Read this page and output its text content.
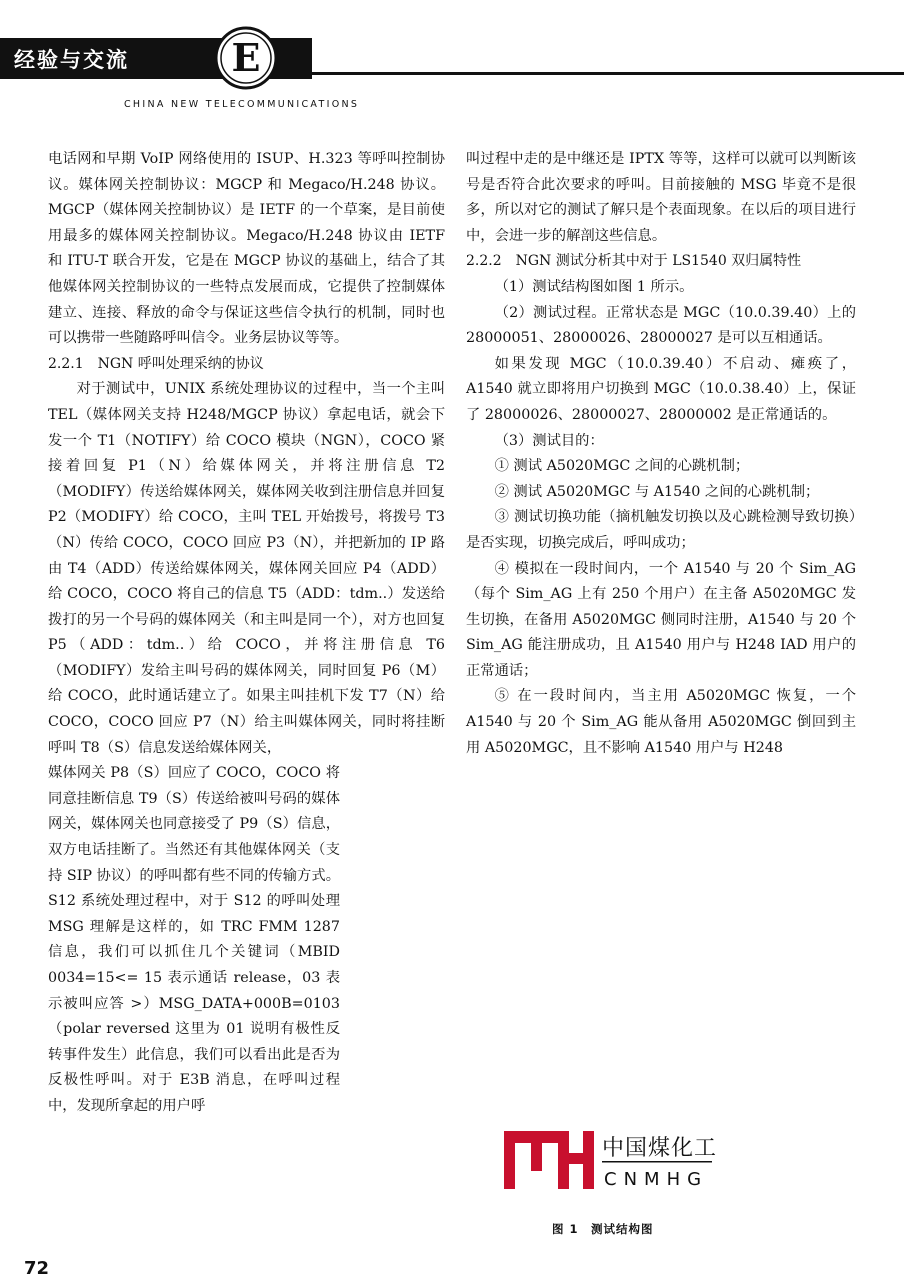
经验与交流	E
CHINA NEW TELECOMMUNICATIONS

电话网和早期 VoIP 网络使用的 ISUP、H.323 等呼叫控制协议。媒体网关控制协议：MGCP 和 Megaco/H.248 协议。MGCP（媒体网关控制协议）是 IETF 的一个草案，是目前使用最多的媒体网关控制协议。Megaco/H.248 协议由 IETF 和 ITU-T 联合开发，它是在 MGCP 协议的基础上，结合了其他媒体网关控制协议的一些特点发展而成，它提供了控制媒体建立、连接、释放的命令与保证这些信令执行的机制，同时也可以携带一些随路呼叫信令。业务层协议等等。

2.2.1　NGN 呼叫处理采纳的协议

对于测试中，UNIX 系统处理协议的过程中，当一个主叫 TEL（媒体网关支持 H248/MGCP 协议）拿起电话，就会下发一个 T1（NOTIFY）给 COCO 模块（NGN），COCO 紧接着回复 P1（N）给媒体网关，并将注册信息 T2（MODIFY）传送给媒体网关，媒体网关收到注册信息并回复 P2（MODIFY）给 COCO，主叫 TEL 开始拨号，将拨号 T3（N）传给 COCO，COCO 回应 P3（N），并把新加的 IP 路由 T4（ADD）传送给媒体网关，媒体网关回应 P4（ADD）给 COCO，COCO 将自己的信息 T5（ADD：tdm..）发送给拨打的另一个号码的媒体网关（和主叫是同一个），对方也回复 P5（ADD：tdm..）给 COCO，并将注册信息 T6（MODIFY）发给主叫号码的媒体网关，同时回复 P6（M）给 COCO，此时通话建立了。如果主叫挂机下发 T7（N）给 COCO，COCO 回应 P7（N）给主叫媒体网关，同时将挂断呼叫 T8（S）信息发送给媒体网关，

媒体网关 P8（S）回应了 COCO，COCO 将同意挂断信息 T9（S）传送给被叫号码的媒体网关，媒体网关也同意接受了 P9（S）信息，双方电话挂断了。当然还有其他媒体网关（支持 SIP 协议）的呼叫都有些不同的传输方式。S12 系统处理过程中，对于 S12 的呼叫处理 MSG 理解是这样的，如 TRC FMM 1287 信息，我们可以抓住几个关键词（MBID 0034=15<= 15 表示通话 release，03 表示被叫应答 >）MSG_DATA+000B=0103（polar reversed 这里为 01 说明有极性反转事件发生）此信息，我们可以看出此是否为反极性呼叫。对于 E3B 消息，在呼叫过程中，发现所拿起的用户呼

叫过程中走的是中继还是 IPTX 等等，这样可以就可以判断该号是否符合此次要求的呼叫。目前接触的 MSG 毕竟不是很多，所以对它的测试了解只是个表面现象。在以后的项目进行中，会进一步的解剖这些信息。

2.2.2　NGN 测试分析其中对于 LS1540 双归属特性

（1）测试结构图如图 1 所示。

（2）测试过程。正常状态是 MGC（10.0.39.40）上的 28000051、28000026、28000027 是可以互相通话。

如果发现 MGC（10.0.39.40）不启动、瘫痪了，A1540 就立即将用户切换到 MGC（10.0.38.40）上，保证了 28000026、28000027、28000002 是正常通话的。

（3）测试目的：

① 测试 A5020MGC 之间的心跳机制；

② 测试 A5020MGC 与 A1540 之间的心跳机制；

③ 测试切换功能（摘机触发切换以及心跳检测导致切换）是否实现，切换完成后，呼叫成功；

④ 模拟在一段时间内，一个 A1540 与 20 个 Sim_AG（每个 Sim_AG 上有 250 个用户）在主备 A5020MGC 发生切换，在备用 A5020MGC 侧同时注册，A1540 与 20 个 Sim_AG 能注册成功，且 A1540 用户与 H248 IAD 用户的正常通话；

⑤ 在一段时间内，当主用 A5020MGC 恢复，一个 A1540 与 20 个 Sim_AG 能从备用 A5020MGC 倒回到主用 A5020MGC，且不影响 A1540 用户与 H248

中国煤化工
CNMHG
图 1　测试结构图
72
